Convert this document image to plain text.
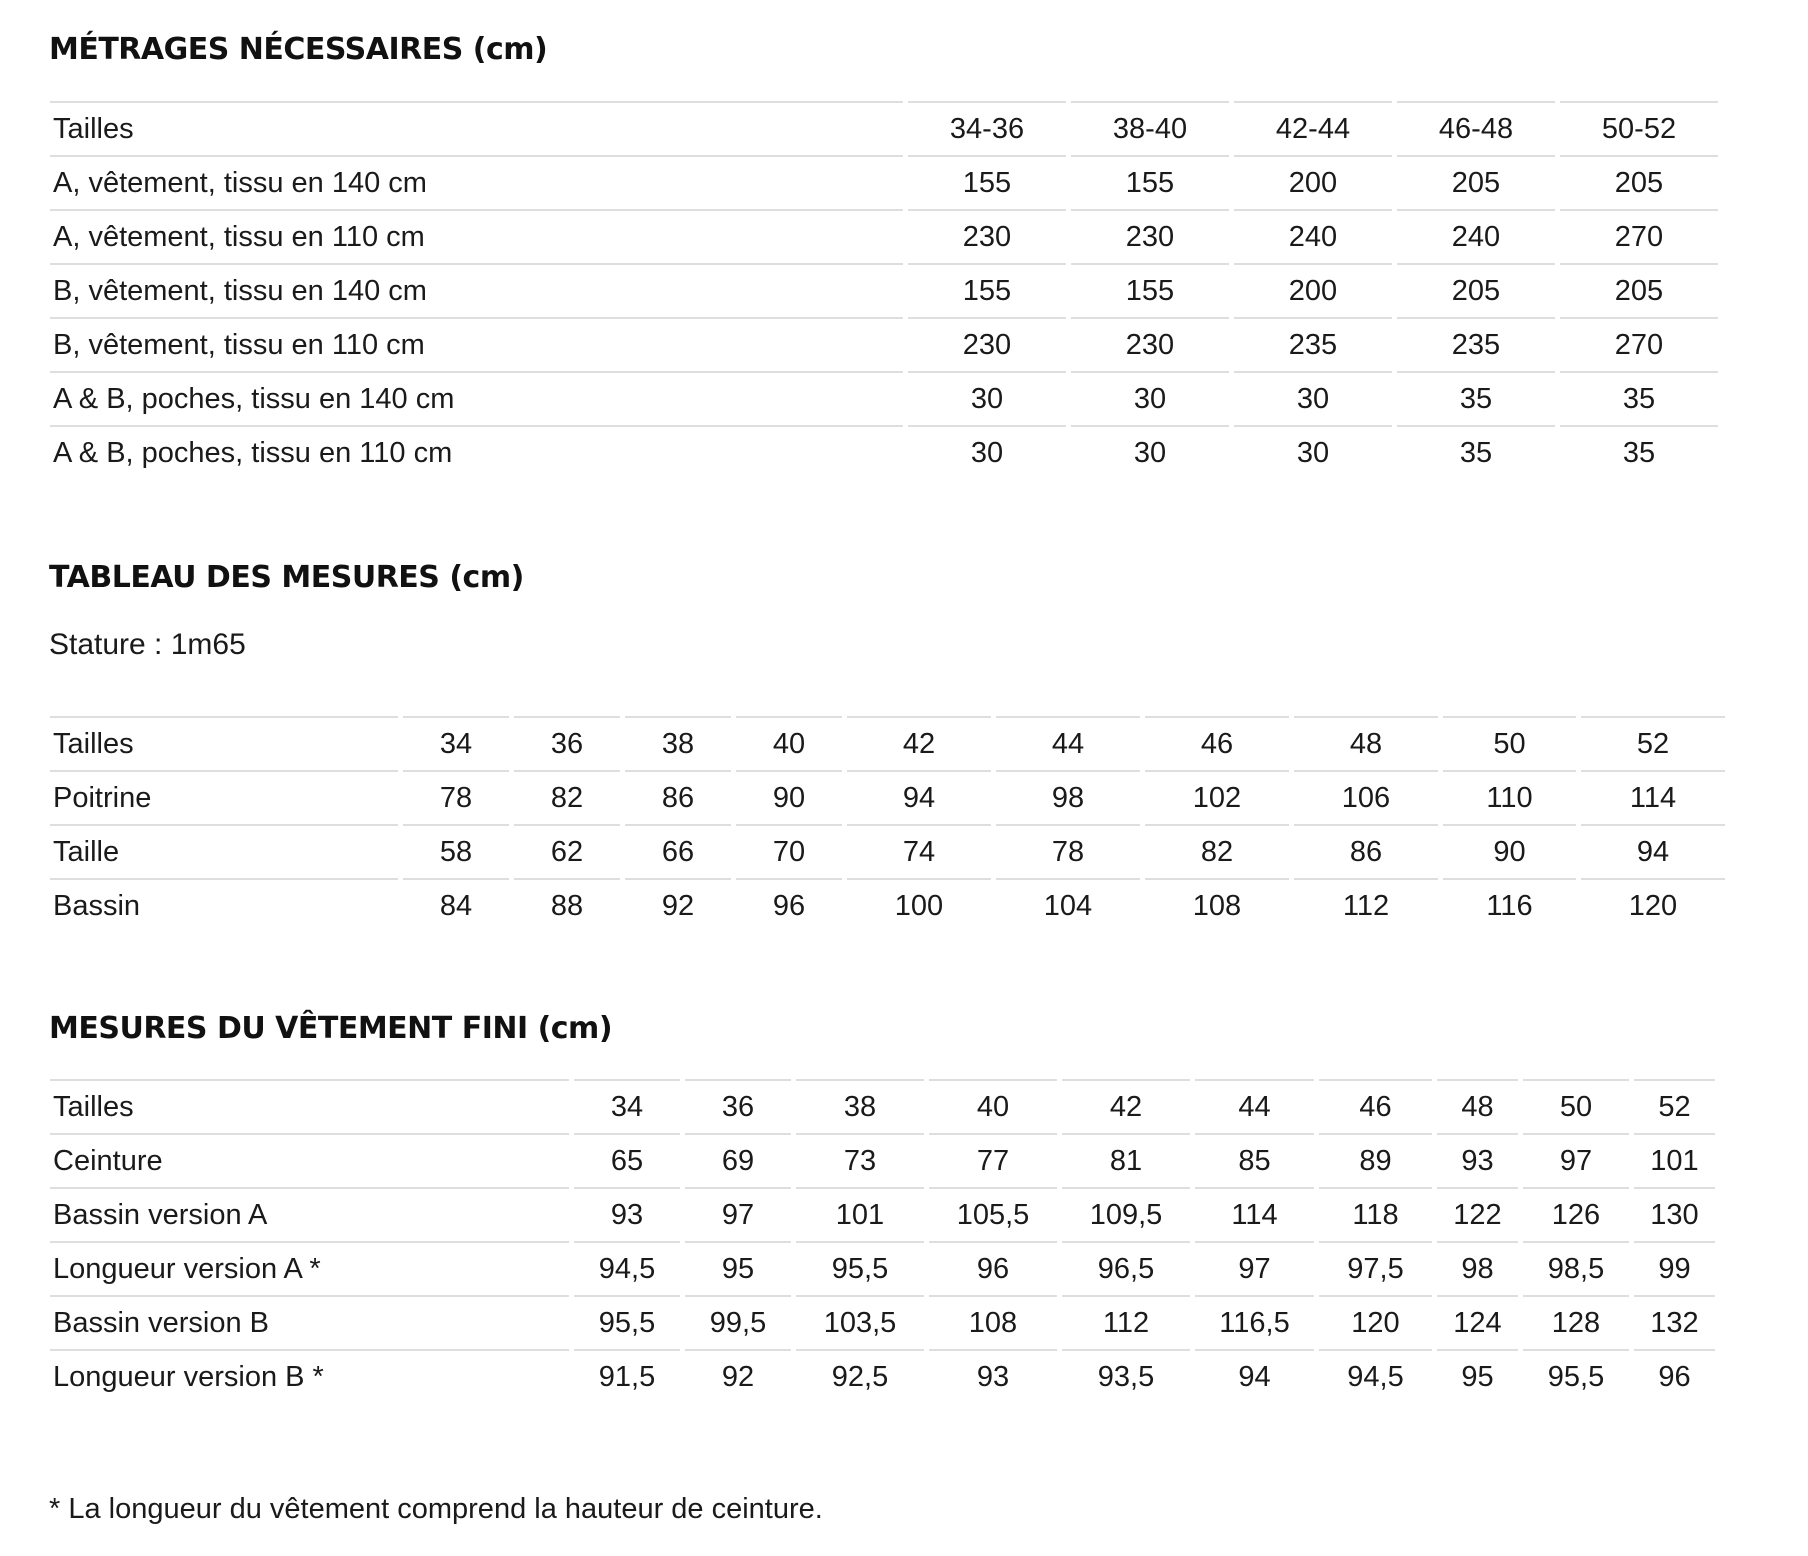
MÉTRAGES NÉCESSAIRES (cm)
Tailles	34-36	38-40	42-44	46-48	50-52
A, vêtement, tissu en 140 cm	155	155	200	205	205
A, vêtement, tissu en 110 cm	230	230	240	240	270
B, vêtement, tissu en 140 cm	155	155	200	205	205
B, vêtement, tissu en 110 cm	230	230	235	235	270
A & B, poches, tissu en 140 cm	30	30	30	35	35
A & B, poches, tissu en 110 cm	30	30	30	35	35
TABLEAU DES MESURES (cm)

Stature : 1m65

Tailles	34	36	38	40	42	44	46	48	50	52
Poitrine	78	82	86	90	94	98	102	106	110	114
Taille	58	62	66	70	74	78	82	86	90	94
Bassin	84	88	92	96	100	104	108	112	116	120
MESURES DU VÊTEMENT FINI (cm)
Tailles	34	36	38	40	42	44	46	48	50	52
Ceinture	65	69	73	77	81	85	89	93	97	101
Bassin version A	93	97	101	105,5	109,5	114	118	122	126	130
Longueur version A *	94,5	95	95,5	96	96,5	97	97,5	98	98,5	99
Bassin version B	95,5	99,5	103,5	108	112	116,5	120	124	128	132
Longueur version B *	91,5	92	92,5	93	93,5	94	94,5	95	95,5	96

* La longueur du vêtement comprend la hauteur de ceinture.
